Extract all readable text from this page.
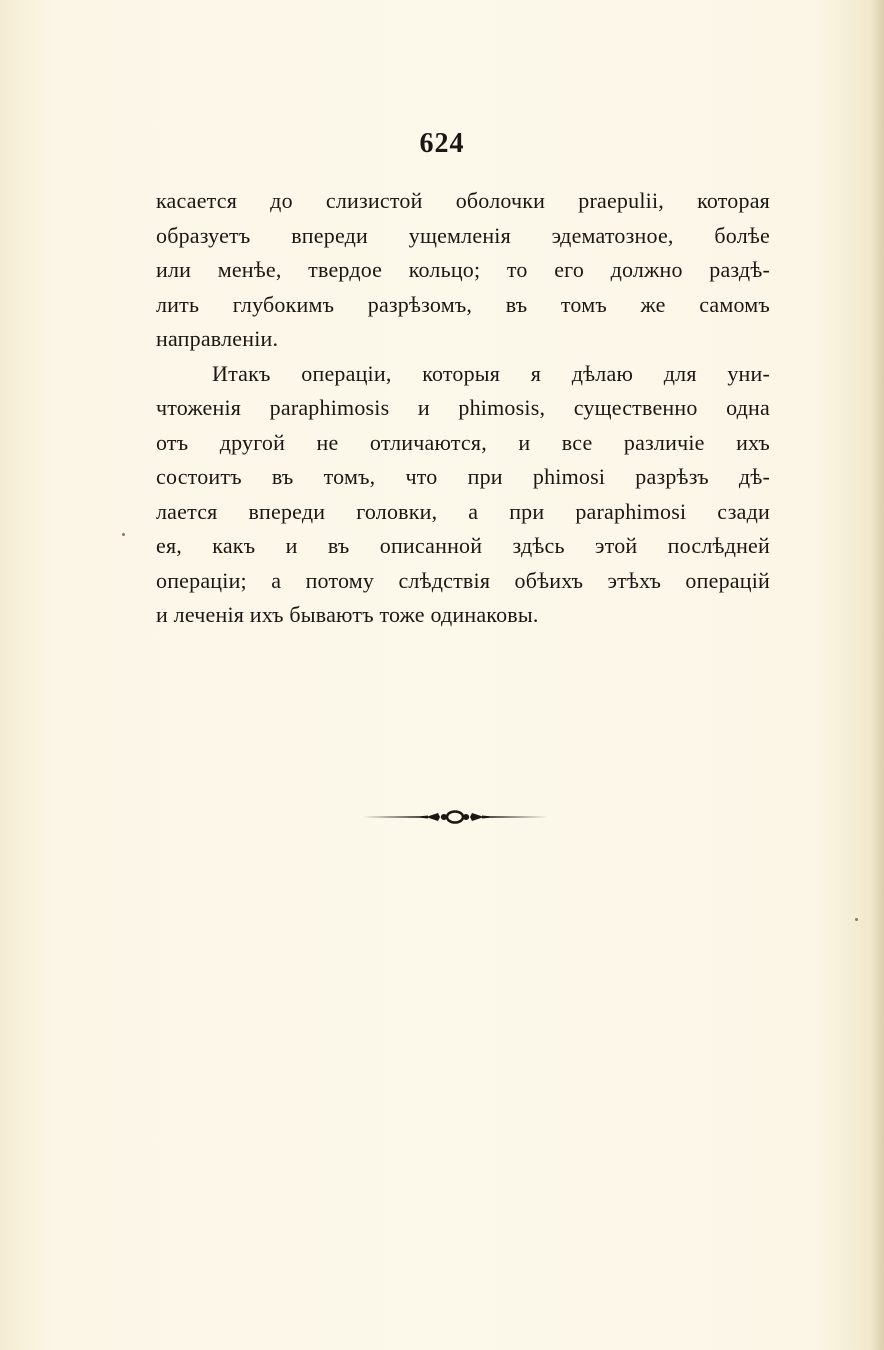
624
касается до слизистой оболочки praepulii, которая
образуетъ впереди ущемленія эдематозное, болѣе
или менѣе, твердое кольцо; то его должно раздѣ-
лить глубокимъ разрѣзомъ, въ томъ же самомъ
направленіи.
Итакъ операціи, которыя я дѣлаю для уни-
чтоженія paraphimosis и phimosis, существенно одна
отъ другой не отличаются, и все различіе ихъ
состоитъ въ томъ, что при phimosi разрѣзъ дѣ-
лается впереди головки, а при paraphimosi сзади
ея, какъ и въ описанной здѣсь этой послѣдней
операціи; а потому слѣдствія обѣихъ этѣхъ операцій
и леченія ихъ бываютъ тоже одинаковы.
